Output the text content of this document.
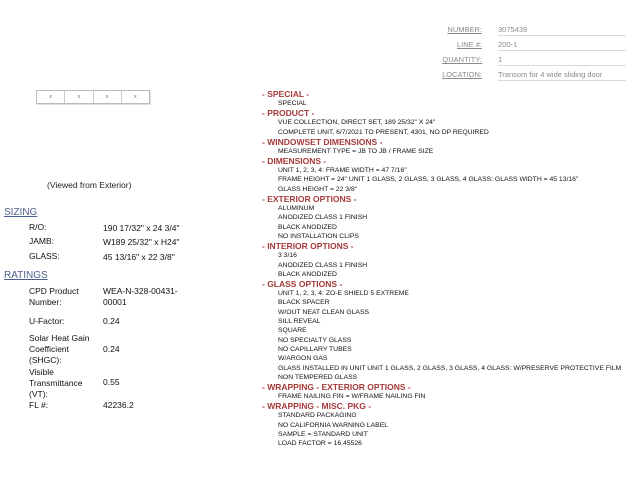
NUMBER: 3075439
LINE #: 200-1
QUANTITY: 1
LOCATION: Transom for 4 wide sliding door
x	x	x	x
(Viewed from Exterior)
SIZING
R/O:	190 17/32" x 24 3/4"
JAMB:	W189 25/32" x H24"
GLASS:	45 13/16" x 22 3/8"
RATINGS
CPD Product Number:
WEA-N-328-00431-00001
U-Factor:	0.24
Solar Heat Gain Coefficient (SHGC):
0.24
Visible Transmittance (VT):
0.55
FL #:	42236.2
- SPECIAL -
SPECIAL
- PRODUCT -
VUE COLLECTION, DIRECT SET, 189 25/32" X 24"
COMPLETE UNIT, 6/7/2021 TO PRESENT, 4301, NO DP REQUIRED
- WINDOWSET DIMENSIONS -
MEASUREMENT TYPE = JB TO JB / FRAME SIZE
- DIMENSIONS -
UNIT 1, 2, 3, 4: FRAME WIDTH = 47 7/16"
FRAME HEIGHT = 24" UNIT 1 GLASS, 2 GLASS, 3 GLASS, 4 GLASS: GLASS WIDTH = 45 13/16"
GLASS HEIGHT = 22 3/8"
- EXTERIOR OPTIONS -
ALUMINUM
ANODIZED CLASS 1 FINISH
BLACK ANODIZED
NO INSTALLATION CLIPS
- INTERIOR OPTIONS -
3 3/16
ANODIZED CLASS 1 FINISH
BLACK ANODIZED
- GLASS OPTIONS -
UNIT 1, 2, 3, 4: ZO-E SHIELD 5 EXTREME
BLACK SPACER
W/OUT NEAT CLEAN GLASS
SILL REVEAL
SQUARE
NO SPECIALTY GLASS
NO CAPILLARY TUBES
W/ARGON GAS
GLASS INSTALLED IN UNIT UNIT 1 GLASS, 2 GLASS, 3 GLASS, 4 GLASS: W/PRESERVE PROTECTIVE FILM
NON TEMPERED GLASS
- WRAPPING - EXTERIOR OPTIONS -
FRAME NAILING FIN = W/FRAME NAILING FIN
- WRAPPING - MISC. PKG -
STANDARD PACKAGING
NO CALIFORNIA WARNING LABEL
SAMPLE = STANDARD UNIT
LOAD FACTOR = 16.45526
